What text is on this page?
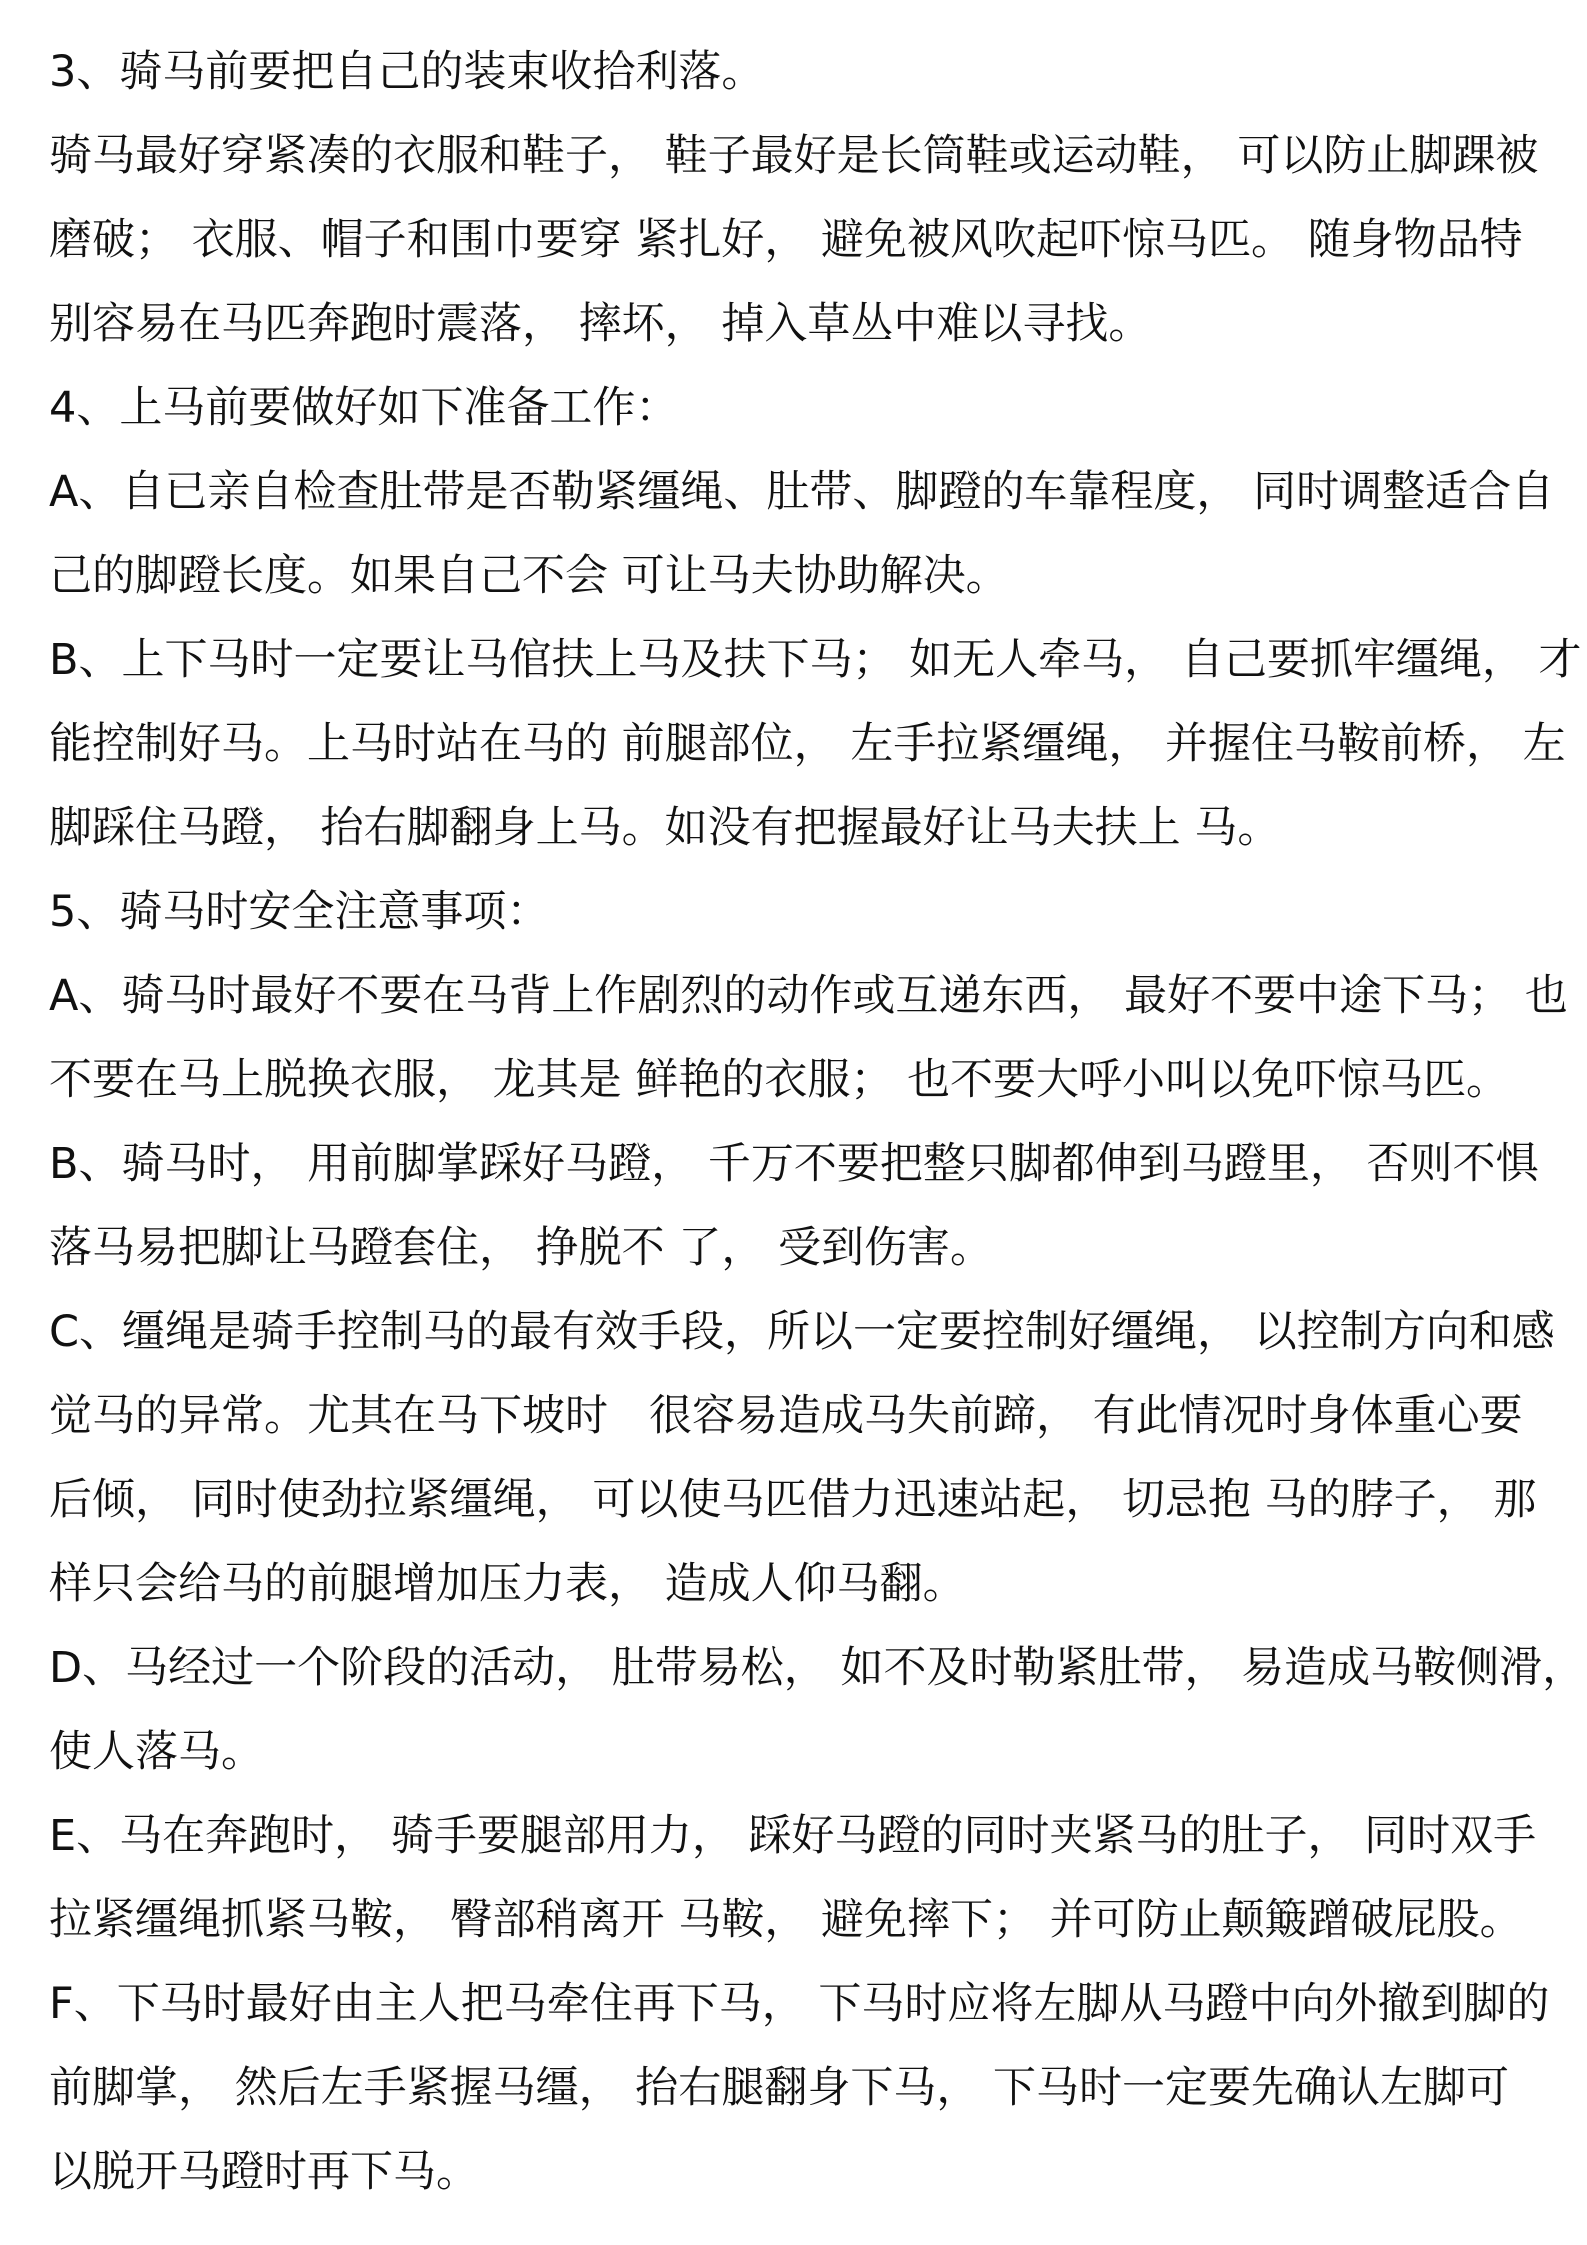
3、骑马前要把自己的装束收拾利落。
骑马最好穿紧凑的衣服和鞋子， 鞋子最好是长筒鞋或运动鞋， 可以防止脚踝被
磨破； 衣服、帽子和围巾要穿 紧扎好， 避免被风吹起吓惊马匹。 随身物品特
别容易在马匹奔跑时震落， 摔坏， 掉入草丛中难以寻找。
4、上马前要做好如下准备工作：
A、自已亲自检查肚带是否勒紧缰绳、肚带、脚蹬的车靠程度， 同时调整适合自
己的脚蹬长度。如果自己不会 可让马夫协助解决。
B、上下马时一定要让马倌扶上马及扶下马； 如无人牵马， 自己要抓牢缰绳， 才
能控制好马。上马时站在马的 前腿部位， 左手拉紧缰绳， 并握住马鞍前桥， 左
脚踩住马蹬， 抬右脚翻身上马。如没有把握最好让马夫扶上 马。
5、骑马时安全注意事项：
A、骑马时最好不要在马背上作剧烈的动作或互递东西， 最好不要中途下马； 也
不要在马上脱换衣服， 龙其是 鲜艳的衣服； 也不要大呼小叫以免吓惊马匹。
B、骑马时， 用前脚掌踩好马蹬， 千万不要把整只脚都伸到马蹬里， 否则不惧
落马易把脚让马蹬套住， 挣脱不 了， 受到伤害。
C、缰绳是骑手控制马的最有效手段，所以一定要控制好缰绳， 以控制方向和感
觉马的异常。尤其在马下坡时   很容易造成马失前蹄， 有此情况时身体重心要
后倾， 同时使劲拉紧缰绳， 可以使马匹借力迅速站起， 切忌抱 马的脖子， 那
样只会给马的前腿增加压力表， 造成人仰马翻。
D、马经过一个阶段的活动， 肚带易松， 如不及时勒紧肚带， 易造成马鞍侧滑，
使人落马。
E、马在奔跑时， 骑手要腿部用力， 踩好马蹬的同时夹紧马的肚子， 同时双手
拉紧缰绳抓紧马鞍， 臀部稍离开 马鞍， 避免摔下； 并可防止颠簸蹭破屁股。
F、下马时最好由主人把马牵住再下马， 下马时应将左脚从马蹬中向外撤到脚的
前脚掌， 然后左手紧握马缰， 抬右腿翻身下马， 下马时一定要先确认左脚可
以脱开马蹬时再下马。
